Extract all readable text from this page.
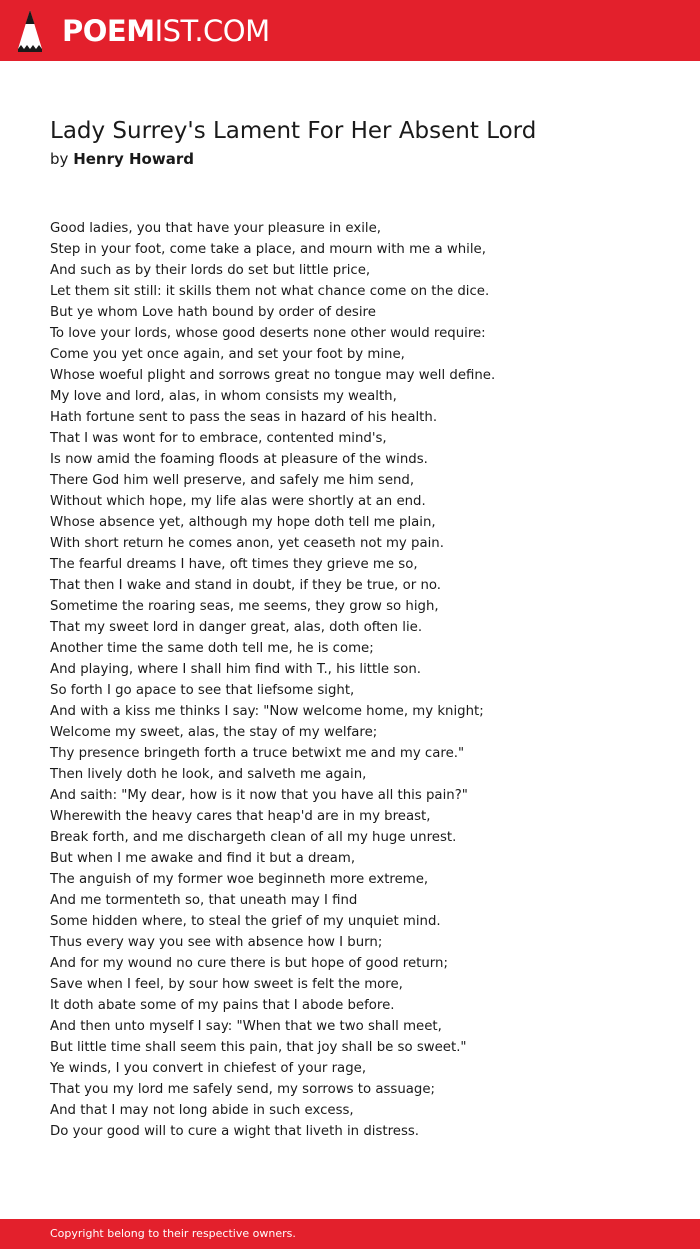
POEMIST.COM
Lady Surrey's Lament For Her Absent Lord
by Henry Howard
Good ladies, you that have your pleasure in exile,
Step in your foot, come take a place, and mourn with me a while,
And such as by their lords do set but little price,
Let them sit still: it skills them not what chance come on the dice.
But ye whom Love hath bound by order of desire
To love your lords, whose good deserts none other would require:
Come you yet once again, and set your foot by mine,
Whose woeful plight and sorrows great no tongue may well define.
My love and lord, alas, in whom consists my wealth,
Hath fortune sent to pass the seas in hazard of his health.
That I was wont for to embrace, contented mind's,
Is now amid the foaming floods at pleasure of the winds.
There God him well preserve, and safely me him send,
Without which hope, my life alas were shortly at an end.
Whose absence yet, although my hope doth tell me plain,
With short return he comes anon, yet ceaseth not my pain.
The fearful dreams I have, oft times they grieve me so,
That then I wake and stand in doubt, if they be true, or no.
Sometime the roaring seas, me seems, they grow so high,
That my sweet lord in danger great, alas, doth often lie.
Another time the same doth tell me, he is come;
And playing, where I shall him find with T., his little son.
So forth I go apace to see that liefsome sight,
And with a kiss me thinks I say: "Now welcome home, my knight;
Welcome my sweet, alas, the stay of my welfare;
Thy presence bringeth forth a truce betwixt me and my care."
Then lively doth he look, and salveth me again,
And saith: "My dear, how is it now that you have all this pain?"
Wherewith the heavy cares that heap'd are in my breast,
Break forth, and me dischargeth clean of all my huge unrest.
But when I me awake and find it but a dream,
The anguish of my former woe beginneth more extreme,
And me tormenteth so, that uneath may I find
Some hidden where, to steal the grief of my unquiet mind.
Thus every way you see with absence how I burn;
And for my wound no cure there is but hope of good return;
Save when I feel, by sour how sweet is felt the more,
It doth abate some of my pains that I abode before.
And then unto myself I say: "When that we two shall meet,
But little time shall seem this pain, that joy shall be so sweet."
Ye winds, I you convert in chiefest of your rage,
That you my lord me safely send, my sorrows to assuage;
And that I may not long abide in such excess,
Do your good will to cure a wight that liveth in distress.
Copyright belong to their respective owners.
